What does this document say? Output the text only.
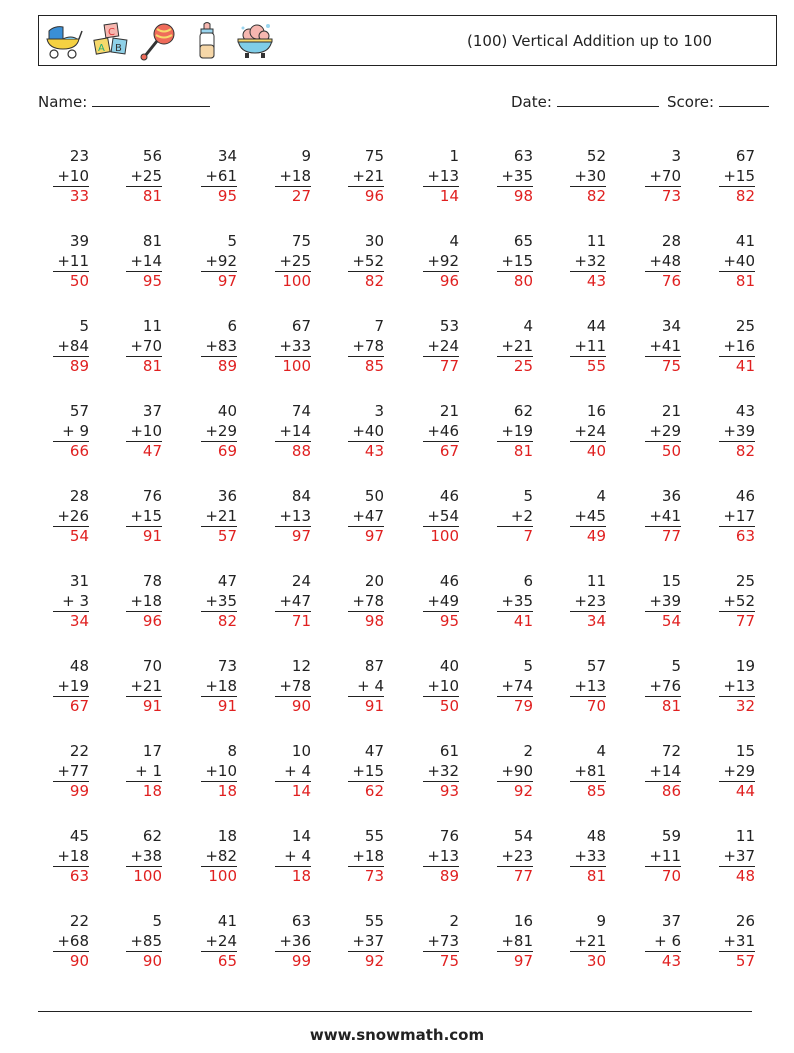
C
A B	(100) Vertical Addition up to 100
Name:	Date:	Score:
23
+10
33
56
+25
81
34
+61
95
9
+18
27
75
+21
96
1
+13
14
63
+35
98
52
+30
82
3
+70
73
67
+15
82
39
+11
50
81
+14
95
5
+92
97
75
+25
100
30
+52
82
4
+92
96
65
+15
80
11
+32
43
28
+48
76
41
+40
81
5
+84
89
11
+70
81
6
+83
89
67
+33
100
7
+78
85
53
+24
77
4
+21
25
44
+11
55
34
+41
75
25
+16
41
57
+ 9
66
37
+10
47
40
+29
69
74
+14
88
3
+40
43
21
+46
67
62
+19
81
16
+24
40
21
+29
50
43
+39
82
28
+26
54
76
+15
91
36
+21
57
84
+13
97
50
+47
97
46
+54
100
5
+2
7
4
+45
49
36
+41
77
46
+17
63
31
+ 3
34
78
+18
96
47
+35
82
24
+47
71
20
+78
98
46
+49
95
6
+35
41
11
+23
34
15
+39
54
25
+52
77
48
+19
67
70
+21
91
73
+18
91
12
+78
90
87
+ 4
91
40
+10
50
5
+74
79
57
+13
70
5
+76
81
19
+13
32
22
+77
99
17
+ 1
18
8
+10
18
10
+ 4
14
47
+15
62
61
+32
93
2
+90
92
4
+81
85
72
+14
86
15
+29
44
45
+18
63
62
+38
100
18
+82
100
14
+ 4
18
55
+18
73
76
+13
89
54
+23
77
48
+33
81
59
+11
70
11
+37
48
22
+68
90
5
+85
90
41
+24
65
63
+36
99
55
+37
92
2
+73
75
16
+81
97
9
+21
30
37
+ 6
43
26
+31
57
www.snowmath.com
